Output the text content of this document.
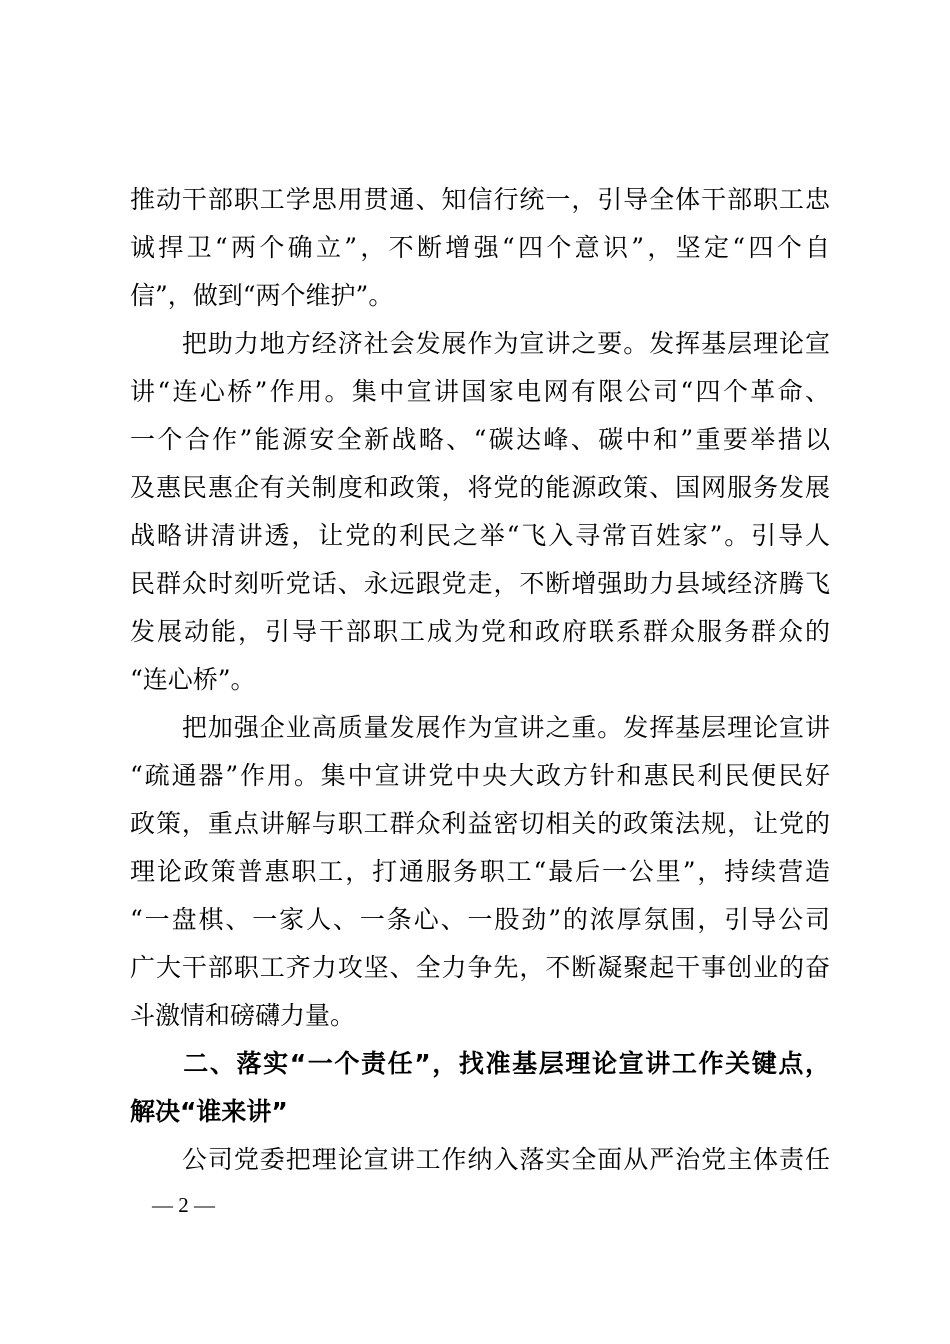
推动干部职工学思用贯通、知信行统一，引导全体干部职工忠
诚捍卫“两个确立”，不断增强“四个意识”，坚定“四个自
信”，做到“两个维护”。
　　把助力地方经济社会发展作为宣讲之要。发挥基层理论宣
讲“连心桥”作用。集中宣讲国家电网有限公司“四个革命、
一个合作”能源安全新战略、“碳达峰、碳中和”重要举措以
及惠民惠企有关制度和政策，将党的能源政策、国网服务发展
战略讲清讲透，让党的利民之举“飞入寻常百姓家”。引导人
民群众时刻听党话、永远跟党走，不断增强助力县域经济腾飞
发展动能，引导干部职工成为党和政府联系群众服务群众的
“连心桥”。
　　把加强企业高质量发展作为宣讲之重。发挥基层理论宣讲
“疏通器”作用。集中宣讲党中央大政方针和惠民利民便民好
政策，重点讲解与职工群众利益密切相关的政策法规，让党的
理论政策普惠职工，打通服务职工“最后一公里”，持续营造
“一盘棋、一家人、一条心、一股劲”的浓厚氛围，引导公司
广大干部职工齐力攻坚、全力争先，不断凝聚起干事创业的奋
斗激情和磅礴力量。
　　二、落实“一个责任”，找准基层理论宣讲工作关键点，
解决“谁来讲”
　　公司党委把理论宣讲工作纳入落实全面从严治党主体责任
— 2 —
